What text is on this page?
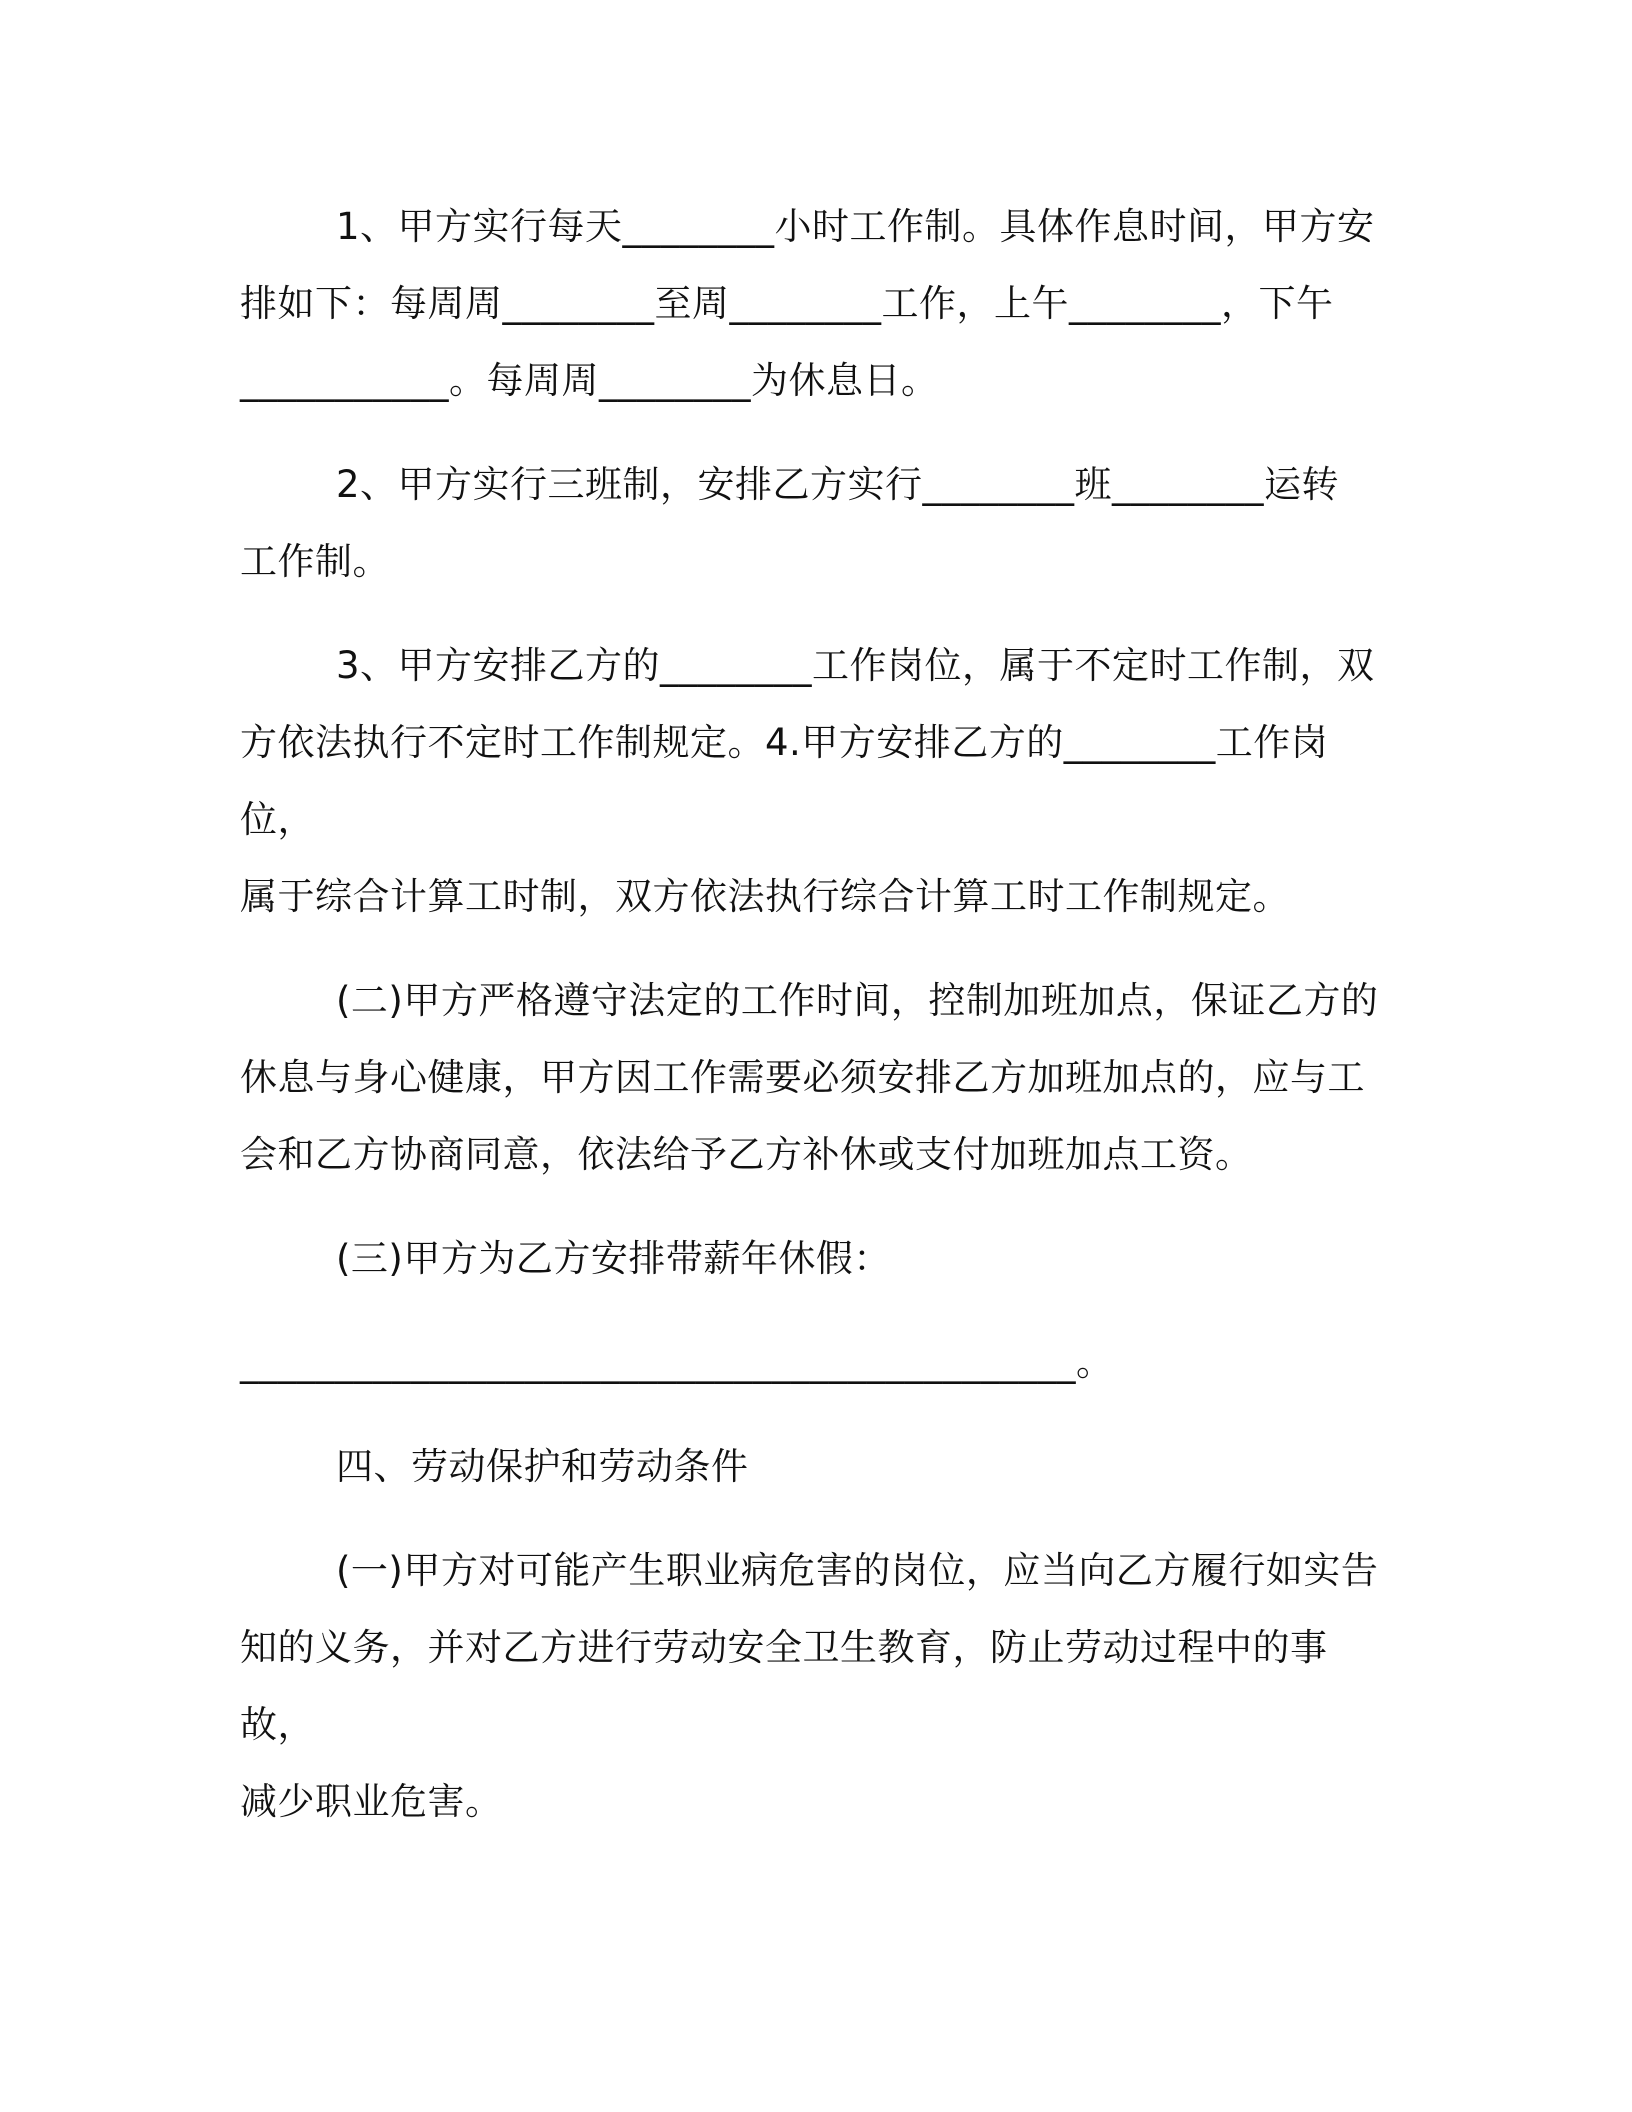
1、甲方实行每天________小时工作制。具体作息时间，甲方安
排如下：每周周________至周________工作，上午________，下午
___________。每周周________为休息日。

2、甲方实行三班制，安排乙方实行________班________运转
工作制。

3、甲方安排乙方的________工作岗位，属于不定时工作制，双
方依法执行不定时工作制规定。4.甲方安排乙方的________工作岗位，
属于综合计算工时制，双方依法执行综合计算工时工作制规定。

(二)甲方严格遵守法定的工作时间，控制加班加点，保证乙方的
休息与身心健康，甲方因工作需要必须安排乙方加班加点的，应与工
会和乙方协商同意，依法给予乙方补休或支付加班加点工资。

(三)甲方为乙方安排带薪年休假：

____________________________________________。

四、劳动保护和劳动条件

(一)甲方对可能产生职业病危害的岗位，应当向乙方履行如实告
知的义务，并对乙方进行劳动安全卫生教育，防止劳动过程中的事故，
减少职业危害。
